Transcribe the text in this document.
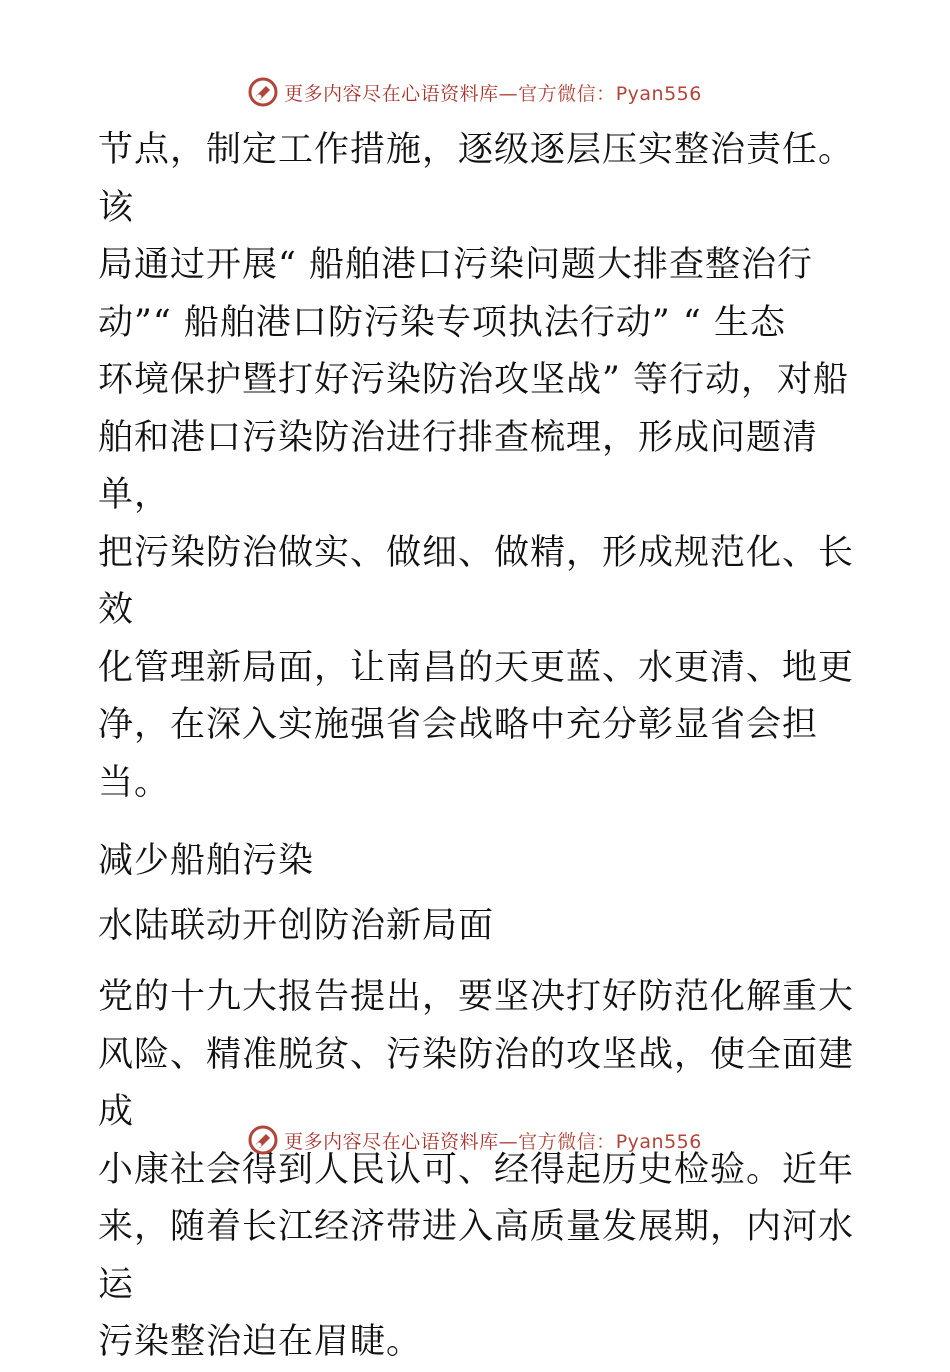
更多内容尽在心语资料库—官方微信：Pyan556

节点，制定工作措施，逐级逐层压实整治责任。该
局通过开展“ 船舶港口污染问题大排查整治行
动”“ 船舶港口防污染专项执法行动” “ 生态
环境保护暨打好污染防治攻坚战” 等行动，对船
舶和港口污染防治进行排查梳理，形成问题清单，
把污染防治做实、做细、做精，形成规范化、长效
化管理新局面，让南昌的天更蓝、水更清、地更
净，在深入实施强省会战略中充分彰显省会担当。

减少船舶污染

水陆联动开创防治新局面

党的十九大报告提出，要坚决打好防范化解重大
风险、精准脱贫、污染防治的攻坚战，使全面建成
小康社会得到人民认可、经得起历史检验。近年
来，随着长江经济带进入高质量发展期，内河水运
污染整治迫在眉睫。

更多内容尽在心语资料库—官方微信：Pyan556
